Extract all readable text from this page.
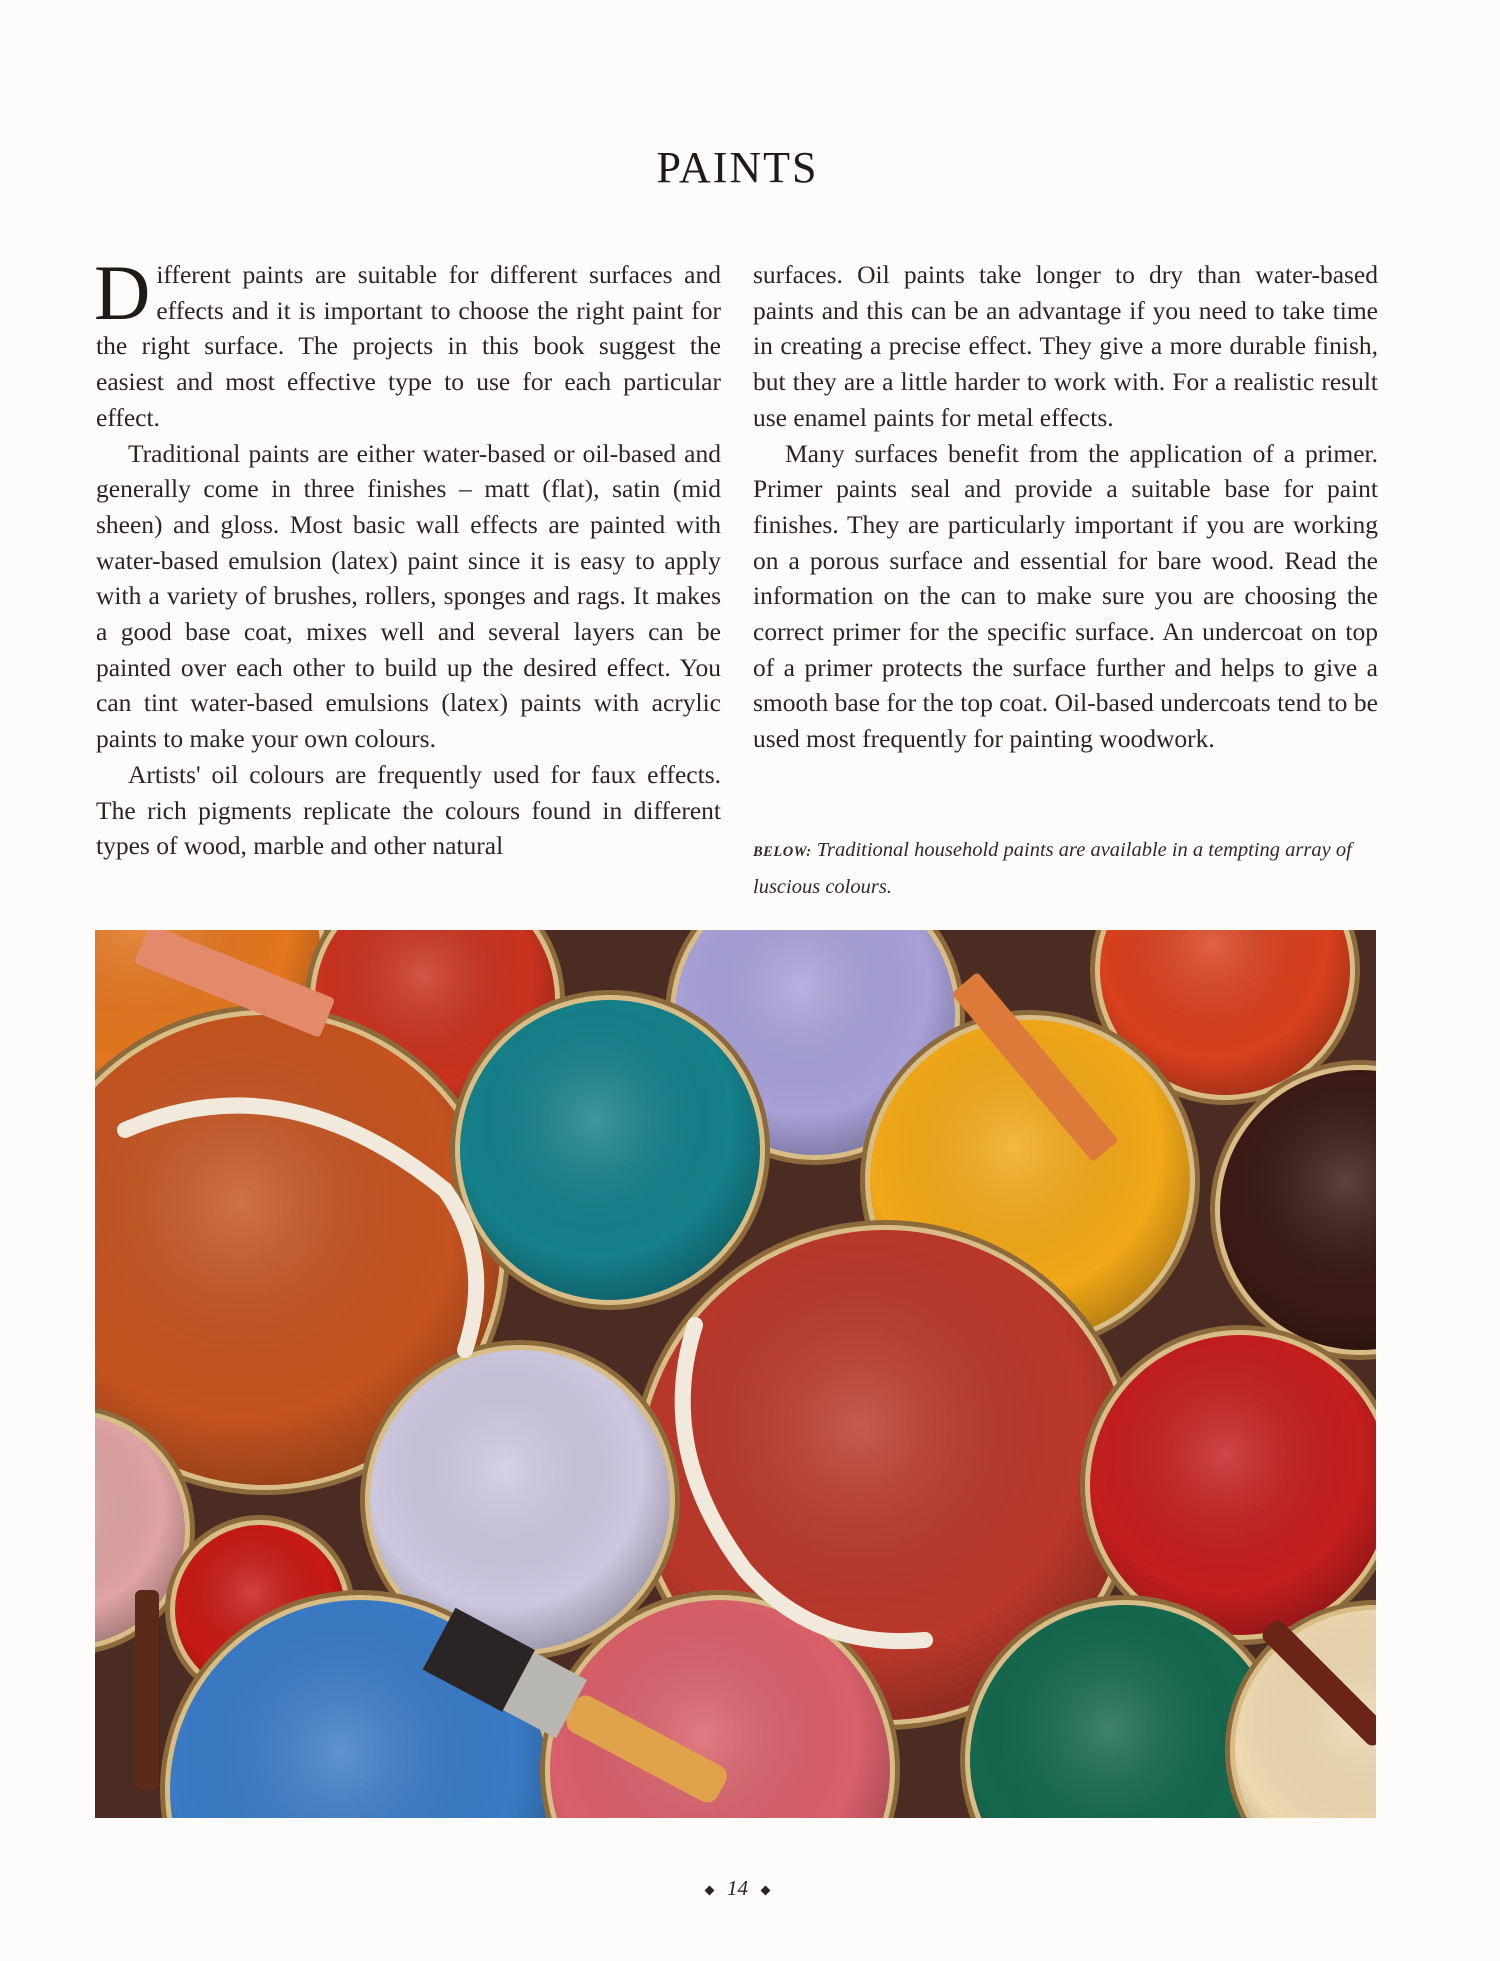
PAINTS

Different paints are suitable for different surfaces and effects and it is important to choose the right paint for the right surface. The projects in this book suggest the easiest and most effective type to use for each particular effect.

Traditional paints are either water-based or oil-based and generally come in three finishes – matt (flat), satin (mid sheen) and gloss. Most basic wall effects are painted with water-based emulsion (latex) paint since it is easy to apply with a variety of brushes, rollers, sponges and rags. It makes a good base coat, mixes well and several layers can be painted over each other to build up the desired effect. You can tint water-based emulsions (latex) paints with acrylic paints to make your own colours.

Artists' oil colours are frequently used for faux effects. The rich pigments replicate the colours found in different types of wood, marble and other natural

surfaces. Oil paints take longer to dry than water-based paints and this can be an advantage if you need to take time in creating a precise effect. They give a more durable finish, but they are a little harder to work with. For a realistic result use enamel paints for metal effects.

Many surfaces benefit from the application of a primer. Primer paints seal and provide a suitable base for paint finishes. They are particularly important if you are working on a porous surface and essential for bare wood. Read the information on the can to make sure you are choosing the correct primer for the specific surface. An undercoat on top of a primer protects the surface further and helps to give a smooth base for the top coat. Oil-based undercoats tend to be used most frequently for painting woodwork.

BELOW: Traditional household paints are available in a tempting array of luscious colours.

14
